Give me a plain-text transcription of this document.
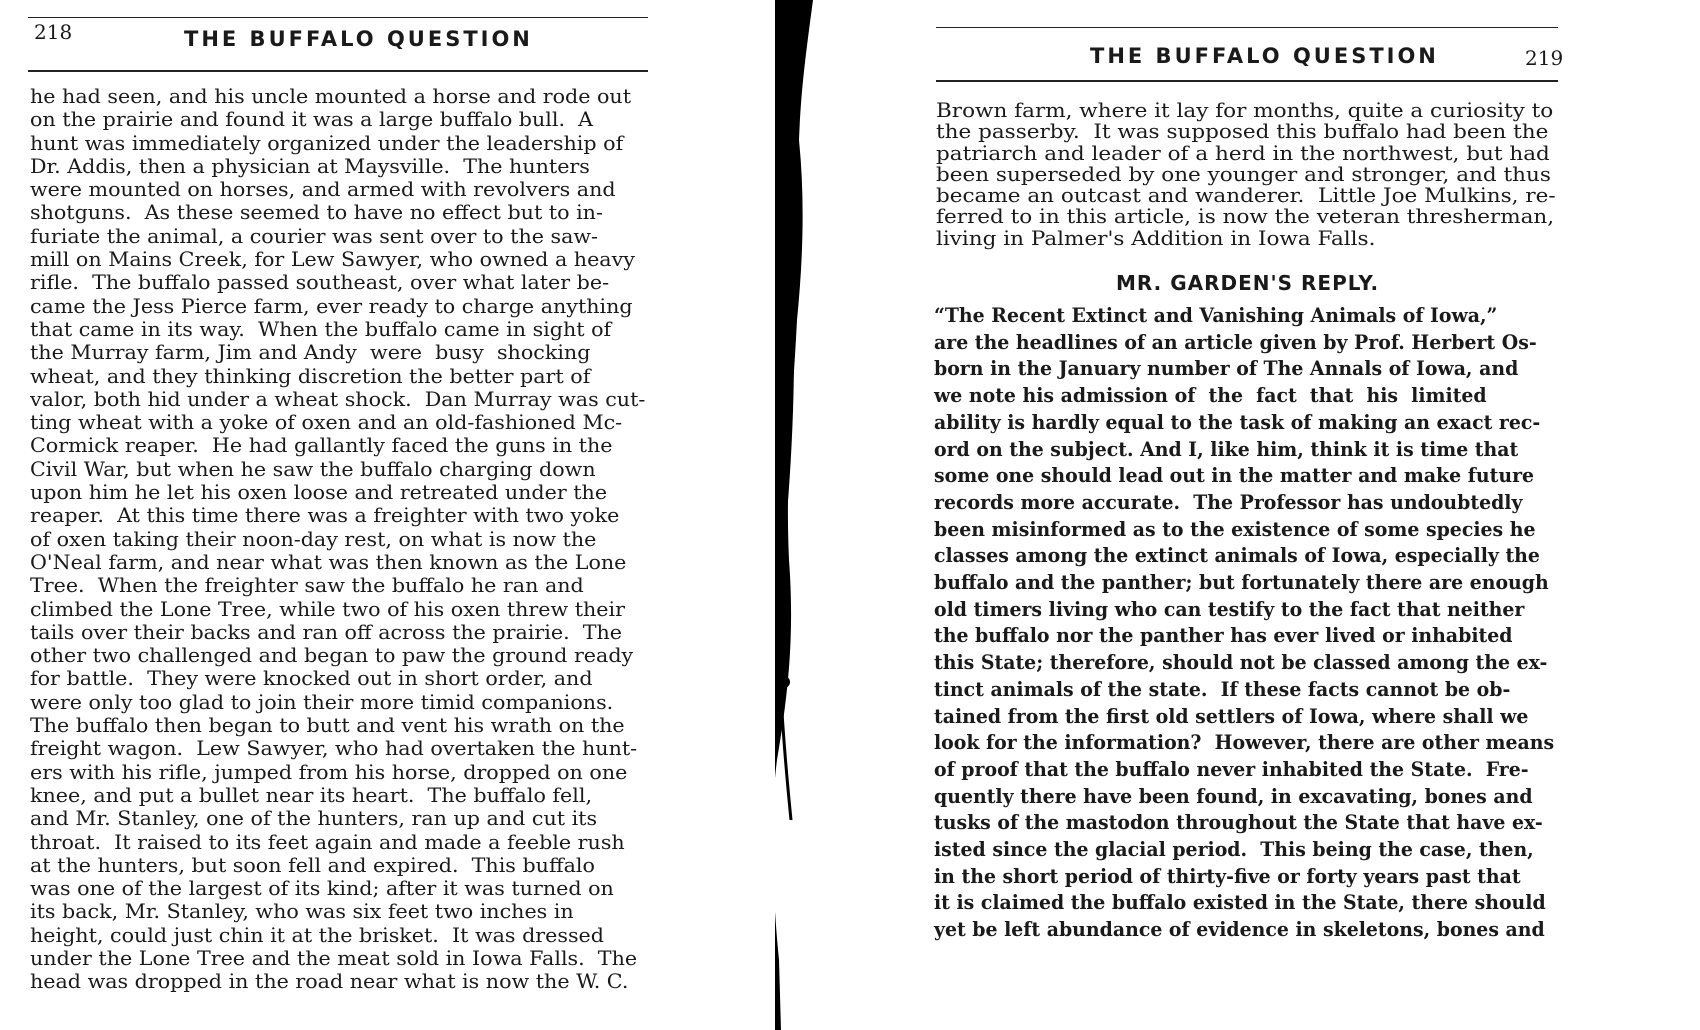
218	THE BUFFALO QUESTION
he had seen, and his uncle mounted a horse and rode out
on the prairie and found it was a large buffalo bull.  A
hunt was immediately organized under the leadership of
Dr. Addis, then a physician at Maysville.  The hunters
were mounted on horses, and armed with revolvers and
shotguns.  As these seemed to have no effect but to in-
furiate the animal, a courier was sent over to the saw-
mill on Mains Creek, for Lew Sawyer, who owned a heavy
rifle.  The buffalo passed southeast, over what later be-
came the Jess Pierce farm, ever ready to charge anything
that came in its way.  When the buffalo came in sight of
the Murray farm, Jim and Andy  were  busy  shocking
wheat, and they thinking discretion the better part of
valor, both hid under a wheat shock.  Dan Murray was cut-
ting wheat with a yoke of oxen and an old-fashioned Mc-
Cormick reaper.  He had gallantly faced the guns in the
Civil War, but when he saw the buffalo charging down
upon him he let his oxen loose and retreated under the
reaper.  At this time there was a freighter with two yoke
of oxen taking their noon-day rest, on what is now the
O'Neal farm, and near what was then known as the Lone
Tree.  When the freighter saw the buffalo he ran and
climbed the Lone Tree, while two of his oxen threw their
tails over their backs and ran off across the prairie.  The
other two challenged and began to paw the ground ready
for battle.  They were knocked out in short order, and
were only too glad to join their more timid companions.
The buffalo then began to butt and vent his wrath on the
freight wagon.  Lew Sawyer, who had overtaken the hunt-
ers with his rifle, jumped from his horse, dropped on one
knee, and put a bullet near its heart.  The buffalo fell,
and Mr. Stanley, one of the hunters, ran up and cut its
throat.  It raised to its feet again and made a feeble rush
at the hunters, but soon fell and expired.  This buffalo
was one of the largest of its kind; after it was turned on
its back, Mr. Stanley, who was six feet two inches in
height, could just chin it at the brisket.  It was dressed
under the Lone Tree and the meat sold in Iowa Falls.  The
head was dropped in the road near what is now the W. C.
THE BUFFALO QUESTION	219
Brown farm, where it lay for months, quite a curiosity to
the passerby.  It was supposed this buffalo had been the
patriarch and leader of a herd in the northwest, but had
been superseded by one younger and stronger, and thus
became an outcast and wanderer.  Little Joe Mulkins, re-
ferred to in this article, is now the veteran thresherman,
living in Palmer's Addition in Iowa Falls.
MR. GARDEN'S REPLY.
“The Recent Extinct and Vanishing Animals of Iowa,”
are the headlines of an article given by Prof. Herbert Os-
born in the January number of The Annals of Iowa, and
we note his admission of  the  fact  that  his  limited
ability is hardly equal to the task of making an exact rec-
ord on the subject. And I, like him, think it is time that
some one should lead out in the matter and make future
records more accurate.  The Professor has undoubtedly
been misinformed as to the existence of some species he
classes among the extinct animals of Iowa, especially the
buffalo and the panther; but fortunately there are enough
old timers living who can testify to the fact that neither
the buffalo nor the panther has ever lived or inhabited
this State; therefore, should not be classed among the ex-
tinct animals of the state.  If these facts cannot be ob-
tained from the first old settlers of Iowa, where shall we
look for the information?  However, there are other means
of proof that the buffalo never inhabited the State.  Fre-
quently there have been found, in excavating, bones and
tusks of the mastodon throughout the State that have ex-
isted since the glacial period.  This being the case, then,
in the short period of thirty-five or forty years past that
it is claimed the buffalo existed in the State, there should
yet be left abundance of evidence in skeletons, bones and
